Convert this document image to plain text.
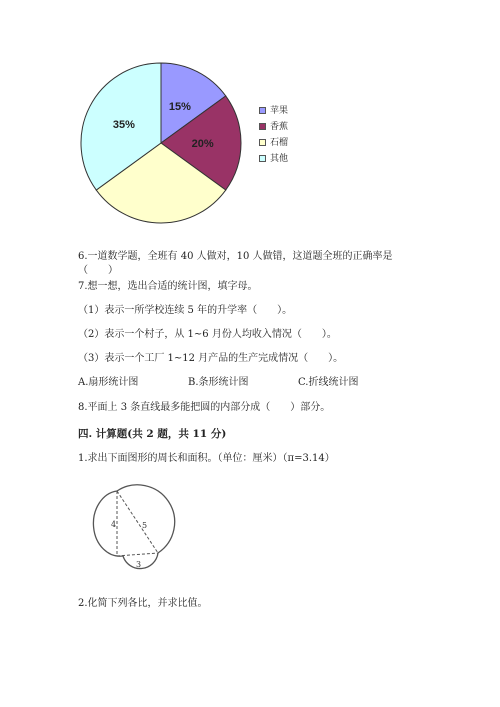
15%
20%
35%
苹果
香蕉
石榴
其他
6.一道数学题，全班有 40 人做对，10 人做错，这道题全班的正确率是
（　　）
7.想一想，选出合适的统计图，填字母。
（1）表示一所学校连续 5 年的升学率（　　）。
（2）表示一个村子，从 1~6 月份人均收入情况（　　）。
（3）表示一个工厂 1~12 月产品的生产完成情况（　　）。
A.扇形统计图	B.条形统计图	C.折线统计图
8.平面上 3 条直线最多能把圆的内部分成（　　）部分。
四. 计算题(共 2 题，共 11 分)
1.求出下面图形的周长和面积。（单位：厘米）（π=3.14）
4	5
3
2.化简下列各比，并求比值。
